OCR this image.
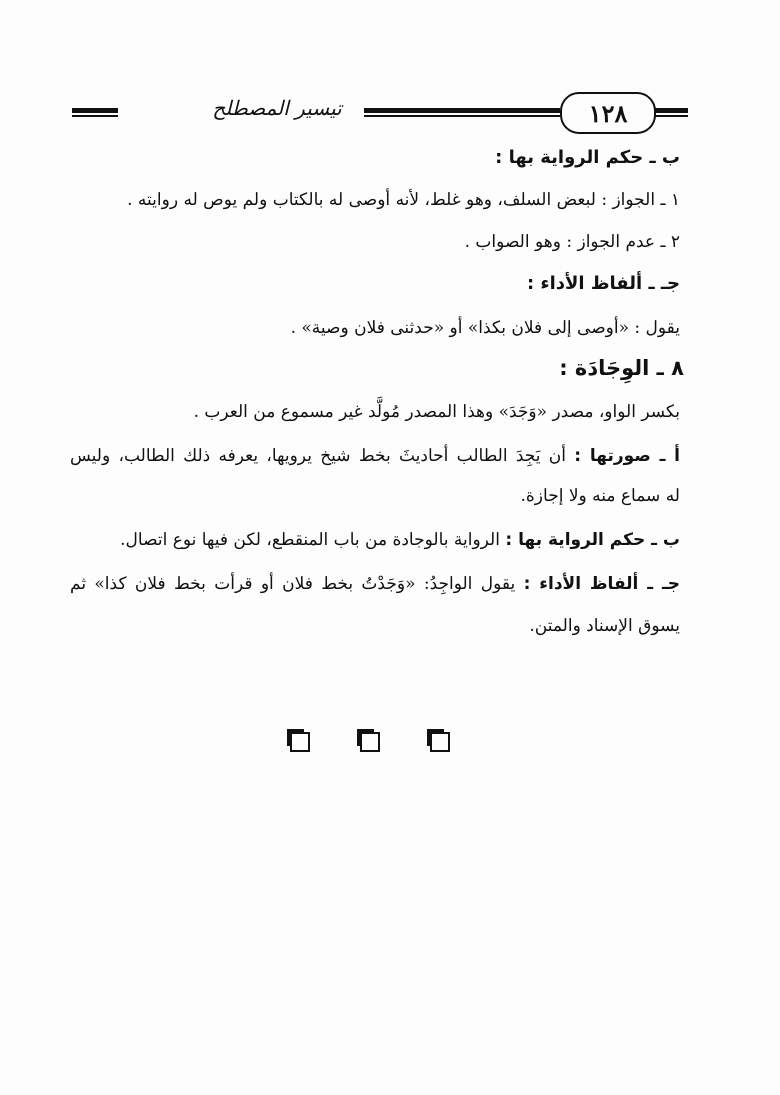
تيسير المصطلح	١٢٨
ب ـ حكم الرواية بها :
١ ـ الجواز : لبعض السلف، وهو غلط، لأنه أوصى له بالكتاب ولم يوص له روايته .
٢ ـ عدم الجواز : وهو الصواب .
جـ ـ ألفاظ الأداء :
يقول : «أوصى إلى فلان بكذا» أو «حدثنى فلان وصية» .
٨ ـ الوِجَادَة :
بكسر الواو، مصدر «وَجَدَ» وهذا المصدر مُولَّد غير مسموع من العرب .
أ ـ صورتها : أن يَجِدَ الطالب أحاديثَ بخط شيخ يرويها، يعرفه ذلك الطالب، وليس
له سماع منه ولا إجازة.
ب ـ حكم الرواية بها : الرواية بالوجادة من باب المنقطع، لكن فيها نوع اتصال.
جـ ـ ألفاظ الأداء : يقول الواجِدُ: «وَجَدْتُ بخط فلان أو قرأت بخط فلان كذا» ثم
يسوق الإسناد والمتن.
